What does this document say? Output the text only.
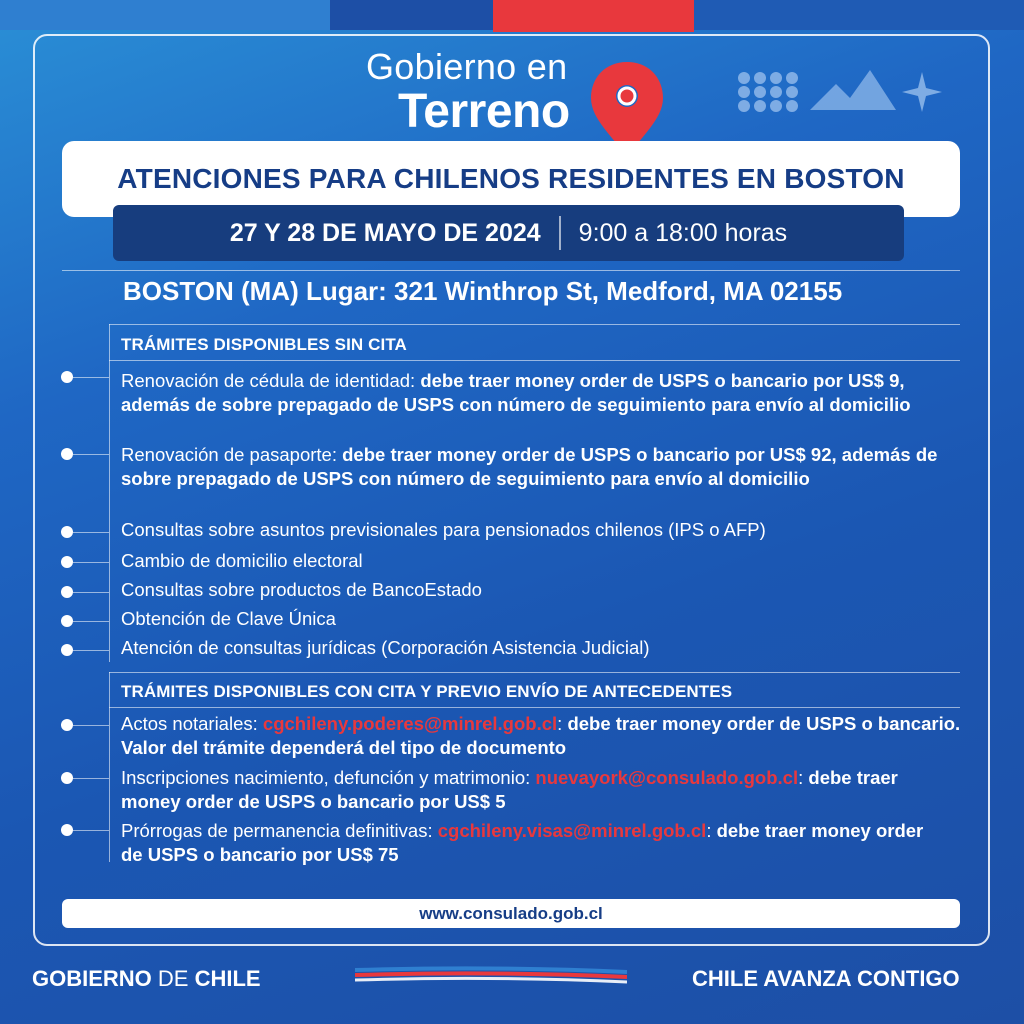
Gobierno en
Terreno
ATENCIONES PARA CHILENOS RESIDENTES EN BOSTON
27 Y 28 DE MAYO DE 2024 9:00 a 18:00 horas
BOSTON (MA) Lugar: 321 Winthrop St, Medford, MA 02155
TRÁMITES DISPONIBLES SIN CITA
Renovación de cédula de identidad: debe traer money order de USPS o bancario por US$ 9, además de sobre prepagado de USPS con número de seguimiento para envío al domicilio
Renovación de pasaporte: debe traer money order de USPS o bancario por US$ 92, además de sobre prepagado de USPS con número de seguimiento para envío al domicilio
Consultas sobre asuntos previsionales para pensionados chilenos (IPS o AFP)
Cambio de domicilio electoral
Consultas sobre productos de BancoEstado
Obtención de Clave Única
Atención de consultas jurídicas (Corporación Asistencia Judicial)
TRÁMITES DISPONIBLES CON CITA Y PREVIO ENVÍO DE ANTECEDENTES
Actos notariales: cgchileny.poderes@minrel.gob.cl: debe traer money order de USPS o bancario. Valor del trámite dependerá del tipo de documento
Inscripciones nacimiento, defunción y matrimonio: nuevayork@consulado.gob.cl: debe traer money order de USPS o bancario por US$ 5
Prórrogas de permanencia definitivas: cgchileny.visas@minrel.gob.cl: debe traer money order de USPS o bancario por US$ 75
www.consulado.gob.cl
GOBIERNO DE CHILE	CHILE AVANZA CONTIGO
